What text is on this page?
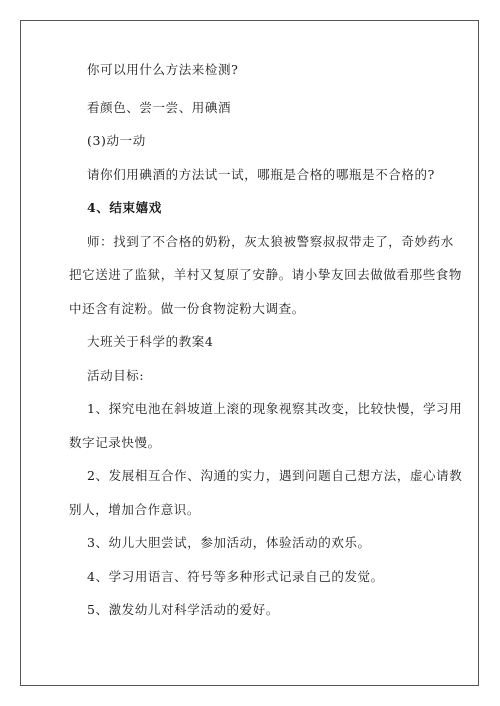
你可以用什么方法来检测?
看颜色、尝一尝、用碘酒
(3)动一动
请你们用碘酒的方法试一试，哪瓶是合格的哪瓶是不合格的?
4、结束嬉戏
师：找到了不合格的奶粉，灰太狼被警察叔叔带走了，奇妙药水
把它送进了监狱，羊村又复原了安静。请小挚友回去做做看那些食物
中还含有淀粉。做一份食物淀粉大调查。
大班关于科学的教案4
活动目标:
1、探究电池在斜坡道上滚的现象视察其改变，比较快慢，学习用
数字记录快慢。
2、发展相互合作、沟通的实力，遇到问题自己想方法，虚心请教
别人，增加合作意识。
3、幼儿大胆尝试，参加活动，体验活动的欢乐。
4、学习用语言、符号等多种形式记录自己的发觉。
5、激发幼儿对科学活动的爱好。
